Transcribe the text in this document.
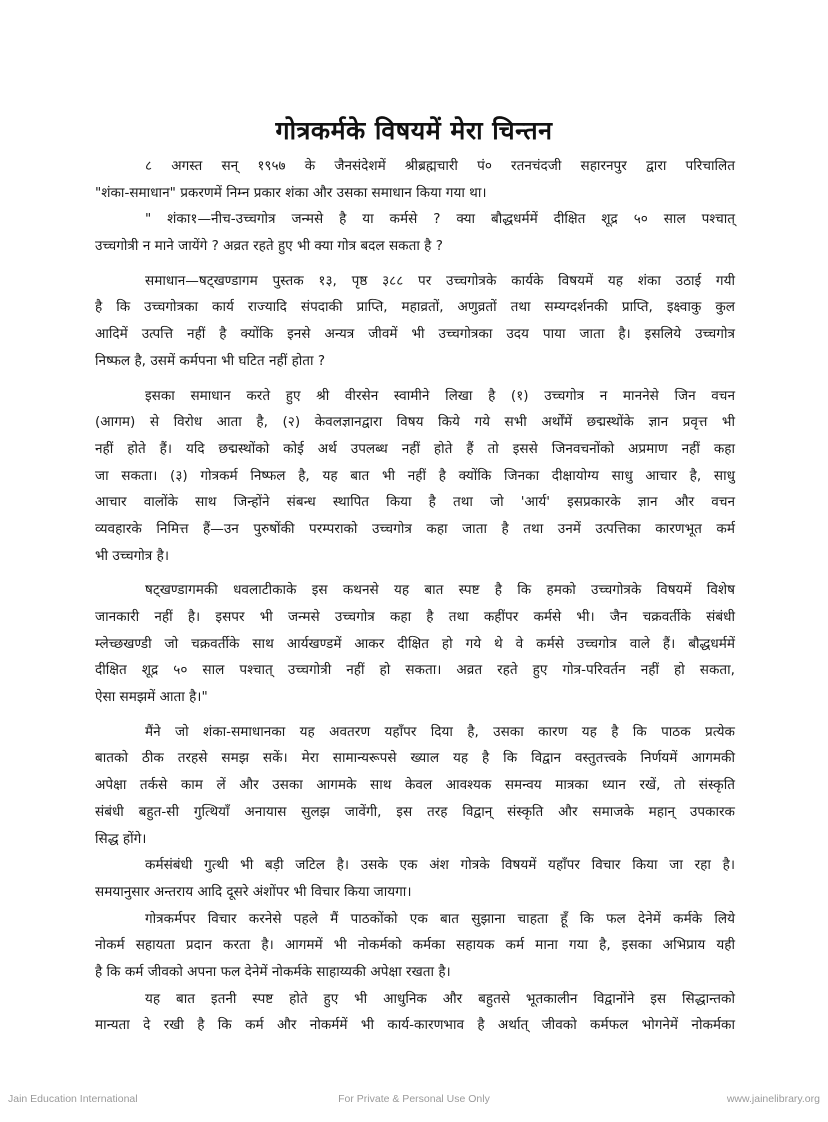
गोत्रकर्मके विषयमें मेरा चिन्तन
८ अगस्त सन् १९५७ के जैनसंदेशमें श्रीब्रह्मचारी पं० रतनचंदजी सहारनपुर द्वारा परिचालित
"शंका-समाधान" प्रकरणमें निम्न प्रकार शंका और उसका समाधान किया गया था।
" शंका१—नीच-उच्चगोत्र जन्मसे है या कर्मसे ? क्या बौद्धधर्ममें दीक्षित शूद्र ५० साल पश्चात्
उच्चगोत्री न माने जायेंगे ? अव्रत रहते हुए भी क्या गोत्र बदल सकता है ?
समाधान—षट्खण्डागम पुस्तक १३, पृष्ठ ३८८ पर उच्चगोत्रके कार्यके विषयमें यह शंका उठाई गयी
है कि उच्चगोत्रका कार्य राज्यादि संपदाकी प्राप्ति, महाव्रतों, अणुव्रतों तथा सम्यग्दर्शनकी प्राप्ति, इक्ष्वाकु कुल
आदिमें उत्पत्ति नहीं है क्योंकि इनसे अन्यत्र जीवमें भी उच्चगोत्रका उदय पाया जाता है। इसलिये उच्चगोत्र
निष्फल है, उसमें कर्मपना भी घटित नहीं होता ?
इसका समाधान करते हुए श्री वीरसेन स्वामीने लिखा है (१) उच्चगोत्र न माननेसे जिन वचन
(आगम) से विरोध आता है, (२) केवलज्ञानद्वारा विषय किये गये सभी अर्थोंमें छद्मस्थोंके ज्ञान प्रवृत्त भी
नहीं होते हैं। यदि छद्मस्थोंको कोई अर्थ उपलब्ध नहीं होते हैं तो इससे जिनवचनोंको अप्रमाण नहीं कहा
जा सकता। (३) गोत्रकर्म निष्फल है, यह बात भी नहीं है क्योंकि जिनका दीक्षायोग्य साधु आचार है, साधु
आचार वालोंके साथ जिन्होंने संबन्ध स्थापित किया है तथा जो 'आर्य' इसप्रकारके ज्ञान और वचन
व्यवहारके निमित्त हैं—उन पुरुषोंकी परम्पराको उच्चगोत्र कहा जाता है तथा उनमें उत्पत्तिका कारणभूत कर्म
भी उच्चगोत्र है।
षट्खण्डागमकी धवलाटीकाके इस कथनसे यह बात स्पष्ट है कि हमको उच्चगोत्रके विषयमें विशेष
जानकारी नहीं है। इसपर भी जन्मसे उच्चगोत्र कहा है तथा कहींपर कर्मसे भी। जैन चक्रवर्तीके संबंधी
म्लेच्छखण्डी जो चक्रवर्तीके साथ आर्यखण्डमें आकर दीक्षित हो गये थे वे कर्मसे उच्चगोत्र वाले हैं। बौद्धधर्ममें
दीक्षित शूद्र ५० साल पश्चात् उच्चगोत्री नहीं हो सकता। अव्रत रहते हुए गोत्र-परिवर्तन नहीं हो सकता,
ऐसा समझमें आता है।"
मैंने जो शंका-समाधानका यह अवतरण यहाँपर दिया है, उसका कारण यह है कि पाठक प्रत्येक
बातको ठीक तरहसे समझ सकें। मेरा सामान्यरूपसे ख्याल यह है कि विद्वान वस्तुतत्त्वके निर्णयमें आगमकी
अपेक्षा तर्कसे काम लें और उसका आगमके साथ केवल आवश्यक समन्वय मात्रका ध्यान रखें, तो संस्कृति
संबंधी बहुत-सी गुत्थियाँ अनायास सुलझ जावेंगी, इस तरह विद्वान् संस्कृति और समाजके महान् उपकारक
सिद्ध होंगे।
कर्मसंबंधी गुत्थी भी बड़ी जटिल है। उसके एक अंश गोत्रके विषयमें यहाँपर विचार किया जा रहा है।
समयानुसार अन्तराय आदि दूसरे अंशोंपर भी विचार किया जायगा।
गोत्रकर्मपर विचार करनेसे पहले मैं पाठकोंको एक बात सुझाना चाहता हूँ कि फल देनेमें कर्मके लिये
नोकर्म सहायता प्रदान करता है। आगममें भी नोकर्मको कर्मका सहायक कर्म माना गया है, इसका अभिप्राय यही
है कि कर्म जीवको अपना फल देनेमें नोकर्मके साहाय्यकी अपेक्षा रखता है।
यह बात इतनी स्पष्ट होते हुए भी आधुनिक और बहुतसे भूतकालीन विद्वानोंने इस सिद्धान्तको
मान्यता दे रखी है कि कर्म और नोकर्ममें भी कार्य-कारणभाव है अर्थात् जीवको कर्मफल भोगनेमें नोकर्मका
Jain Education International	For Private & Personal Use Only	www.jainelibrary.org
